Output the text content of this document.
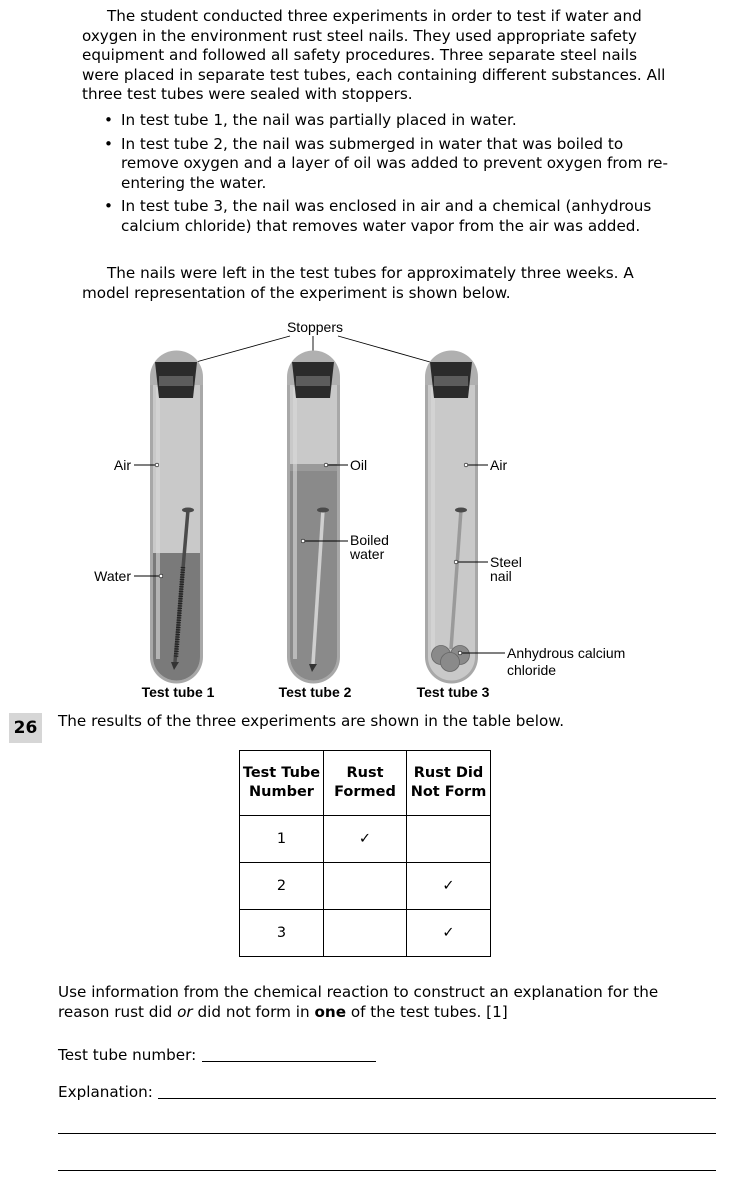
The student conducted three experiments in order to test if water and oxygen in the environment rust steel nails. They used appropriate safety equipment and followed all safety procedures. Three separate steel nails were placed in separate test tubes, each containing different substances. All three test tubes were sealed with stoppers.
• In test tube 1, the nail was partially placed in water.
• In test tube 2, the nail was submerged in water that was boiled to remove oxygen and a layer of oil was added to prevent oxygen from re-entering the water.
• In test tube 3, the nail was enclosed in air and a chemical (anhydrous calcium chloride) that removes water vapor from the air was added.
The nails were left in the test tubes for approximately three weeks. A model representation of the experiment is shown below.
Stoppers
Air
Water
Test tube 1
Oil
Boiled
water
Test tube 2
Air
Steel
nail
Anhydrous calcium
chloride
Test tube 3
26	The results of the three experiments are shown in the table below.
Test Tube Number	Rust Formed	Rust Did Not Form
1	✓	
2		✓
3		✓
Use information from the chemical reaction to construct an explanation for the reason rust did or did not form in one of the test tubes. [1]
Test tube number:
Explanation:
